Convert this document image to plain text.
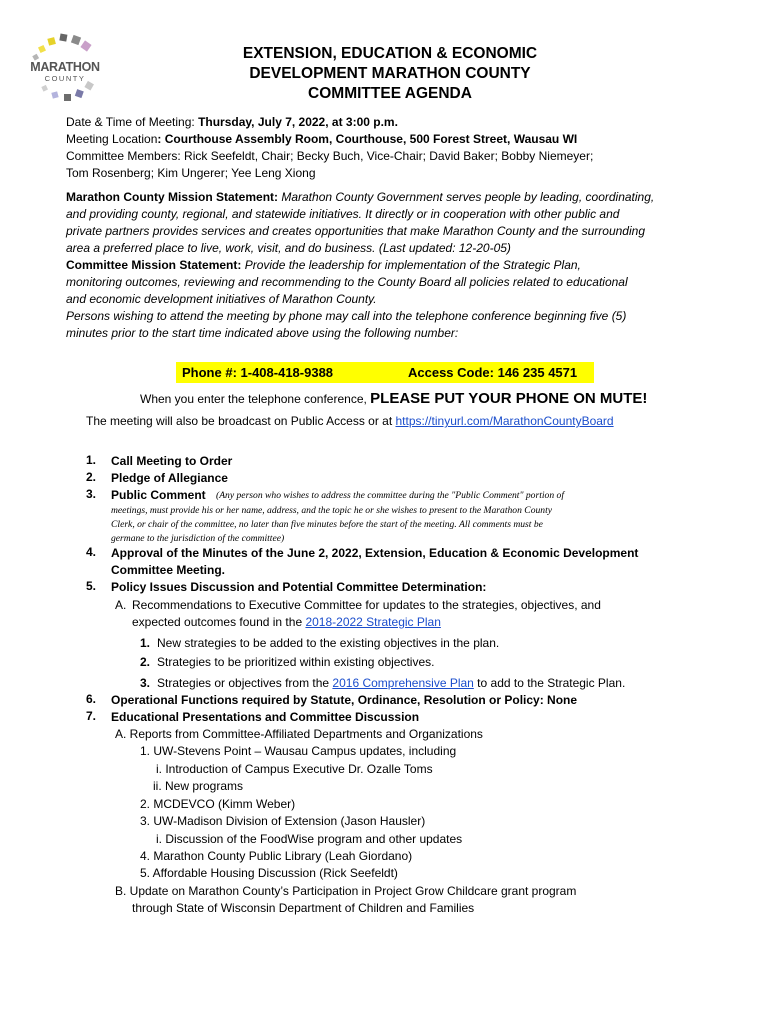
MARATHON
COUNTY
EXTENSION, EDUCATION & ECONOMIC
DEVELOPMENT MARATHON COUNTY
COMMITTEE AGENDA
Date & Time of Meeting: Thursday, July 7, 2022, at 3:00 p.m.
Meeting Location: Courthouse Assembly Room, Courthouse, 500 Forest Street, Wausau WI
Committee Members: Rick Seefeldt, Chair; Becky Buch, Vice-Chair; David Baker; Bobby Niemeyer;
Tom Rosenberg; Kim Ungerer; Yee Leng Xiong
Marathon County Mission Statement: Marathon County Government serves people by leading, coordinating,
and providing county, regional, and statewide initiatives. It directly or in cooperation with other public and
private partners provides services and creates opportunities that make Marathon County and the surrounding
area a preferred place to live, work, visit, and do business. (Last updated: 12-20-05)
Committee Mission Statement: Provide the leadership for implementation of the Strategic Plan,
monitoring outcomes, reviewing and recommending to the County Board all policies related to educational
and economic development initiatives of Marathon County.
Persons wishing to attend the meeting by phone may call into the telephone conference beginning five (5)
minutes prior to the start time indicated above using the following number:
Phone #: 1-408-418-9388	Access Code: 146 235 4571
When you enter the telephone conference, PLEASE PUT YOUR PHONE ON MUTE!
The meeting will also be broadcast on Public Access or at https://tinyurl.com/MarathonCountyBoard
1. Call Meeting to Order
2. Pledge of Allegiance
3. Public Comment (Any person who wishes to address the committee during the "Public Comment" portion of
meetings, must provide his or her name, address, and the topic he or she wishes to present to the Marathon County
Clerk, or chair of the committee, no later than five minutes before the start of the meeting. All comments must be
germane to the jurisdiction of the committee)
4. Approval of the Minutes of the June 2, 2022, Extension, Education & Economic Development
Committee Meeting.
5. Policy Issues Discussion and Potential Committee Determination:
A. Recommendations to Executive Committee for updates to the strategies, objectives, and
expected outcomes found in the 2018-2022 Strategic Plan
1. New strategies to be added to the existing objectives in the plan.
2. Strategies to be prioritized within existing objectives.
3. Strategies or objectives from the 2016 Comprehensive Plan to add to the Strategic Plan.
6. Operational Functions required by Statute, Ordinance, Resolution or Policy: None
7. Educational Presentations and Committee Discussion
A. Reports from Committee-Affiliated Departments and Organizations
1. UW-Stevens Point – Wausau Campus updates, including
i. Introduction of Campus Executive Dr. Ozalle Toms
ii. New programs
2. MCDEVCO (Kimm Weber)
3. UW-Madison Division of Extension (Jason Hausler)
i. Discussion of the FoodWise program and other updates
4. Marathon County Public Library (Leah Giordano)
5. Affordable Housing Discussion (Rick Seefeldt)
B. Update on Marathon County’s Participation in Project Grow Childcare grant program
through State of Wisconsin Department of Children and Families
